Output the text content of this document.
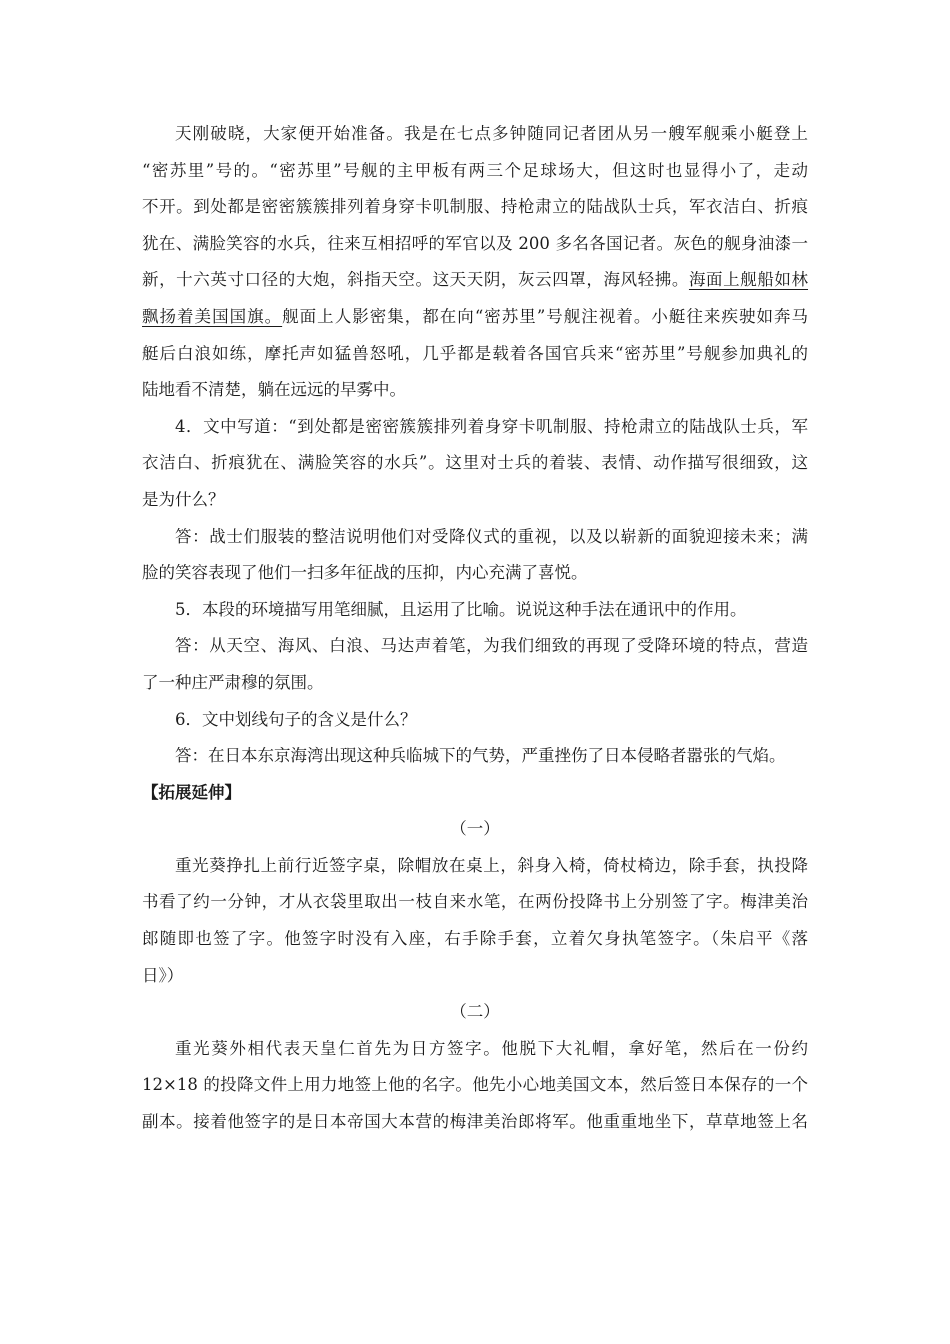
天刚破晓，大家便开始准备。我是在七点多钟随同记者团从另一艘军舰乘小艇登上
“密苏里”号的。“密苏里”号舰的主甲板有两三个足球场大，但这时也显得小了，走动
不开。到处都是密密簇簇排列着身穿卡叽制服、持枪肃立的陆战队士兵，军衣洁白、折痕
犹在、满脸笑容的水兵，往来互相招呼的军官以及 200 多名各国记者。灰色的舰身油漆一
新，十六英寸口径的大炮，斜指天空。这天天阴，灰云四罩，海风轻拂。海面上舰船如林
飘扬着美国国旗。舰面上人影密集，都在向“密苏里”号舰注视着。小艇往来疾驶如奔马
艇后白浪如练，摩托声如猛兽怒吼，几乎都是载着各国官兵来“密苏里”号舰参加典礼的
陆地看不清楚，躺在远远的早雾中。

4．文中写道：“到处都是密密簇簇排列着身穿卡叽制服、持枪肃立的陆战队士兵，军
衣洁白、折痕犹在、满脸笑容的水兵”。这里对士兵的着装、表情、动作描写很细致，这
是为什么？

答：战士们服装的整洁说明他们对受降仪式的重视，以及以崭新的面貌迎接未来；满
脸的笑容表现了他们一扫多年征战的压抑，内心充满了喜悦。

5．本段的环境描写用笔细腻，且运用了比喻。说说这种手法在通讯中的作用。

答：从天空、海风、白浪、马达声着笔，为我们细致的再现了受降环境的特点，营造
了一种庄严肃穆的氛围。

6．文中划线句子的含义是什么？

答：在日本东京海湾出现这种兵临城下的气势，严重挫伤了日本侵略者嚣张的气焰。

【拓展延伸】

（一）

重光葵挣扎上前行近签字桌，除帽放在桌上，斜身入椅，倚杖椅边，除手套，执投降
书看了约一分钟，才从衣袋里取出一枝自来水笔，在两份投降书上分别签了字。梅津美治
郎随即也签了字。他签字时没有入座，右手除手套，立着欠身执笔签字。（朱启平《落
日》）

（二）

重光葵外相代表天皇仁首先为日方签字。他脱下大礼帽，拿好笔，然后在一份约
12×18 的投降文件上用力地签上他的名字。他先小心地美国文本，然后签日本保存的一个
副本。接着他签字的是日本帝国大本营的梅津美治郎将军。他重重地坐下，草草地签上名
